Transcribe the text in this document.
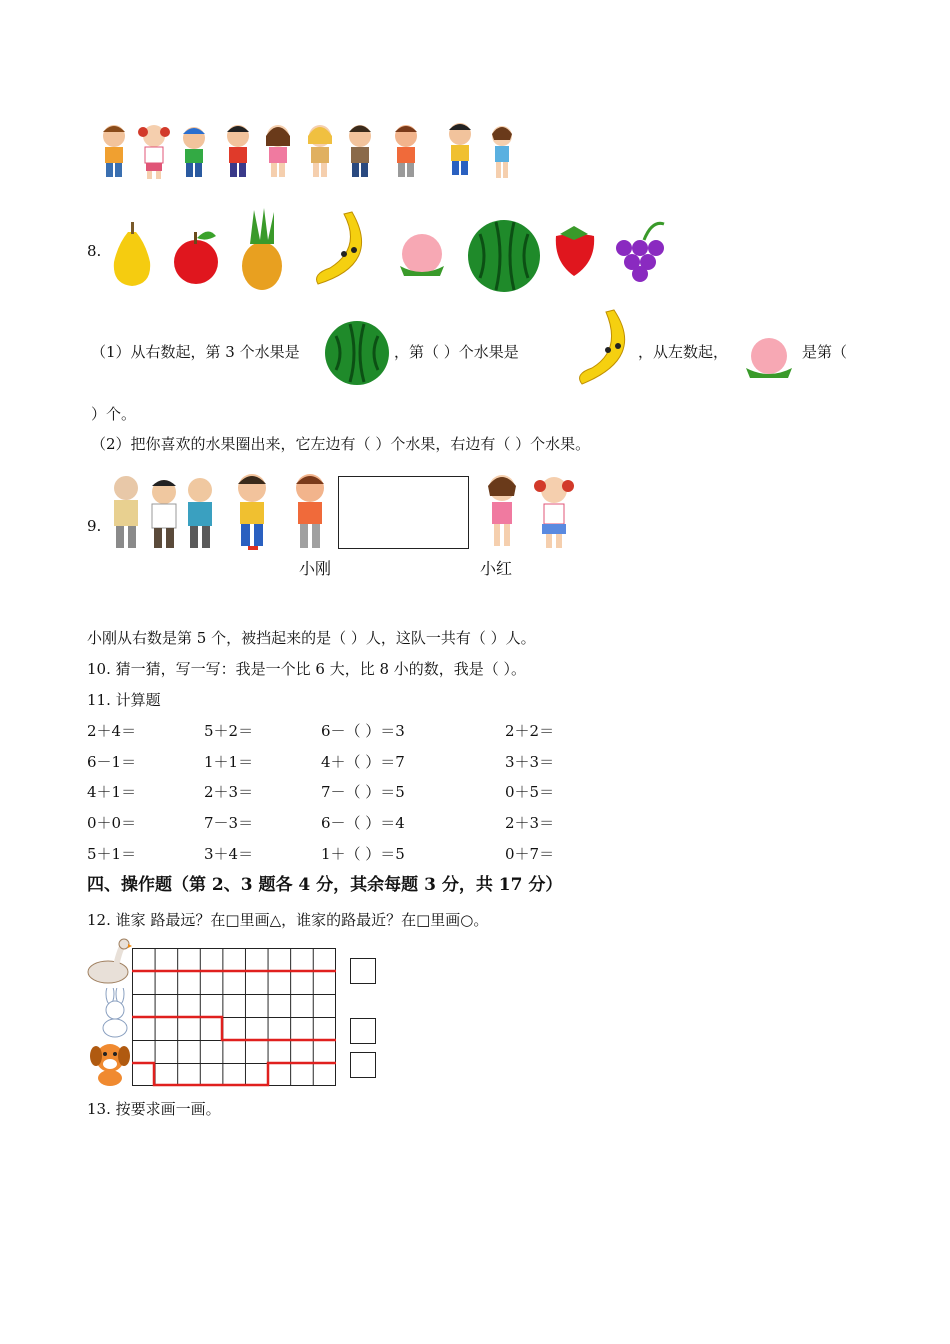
8.
（1）从右数起，第 3 个水果是	，第（ ）个水果是	，从左数起，	是第（
）个。
（2）把你喜欢的水果圈出来，它左边有（ ）个水果，右边有（ ）个水果。
9.
小刚	小红
小刚从右数是第 5 个，被挡起来的是（ ）人，这队一共有（ ）人。
10. 猜一猜，写一写：我是一个比 6 大，比 8 小的数，我是（ ）。
11. 计算题
2＋4＝	5＋2＝	6－（ ）＝3	2＋2＝
6－1＝	1＋1＝	4＋（ ）＝7	3＋3＝
4＋1＝	2＋3＝	7－（ ）＝5	0＋5＝
0＋0＝	7－3＝	6－（ ）＝4	2＋3＝
5＋1＝	3＋4＝	1＋（ ）＝5	0＋7＝
四、操作题（第 2、3 题各 4 分，其余每题 3 分，共 17 分）
12. 谁家 路最远？在□里画△，谁家的路最近？在□里画○。
13. 按要求画一画。
